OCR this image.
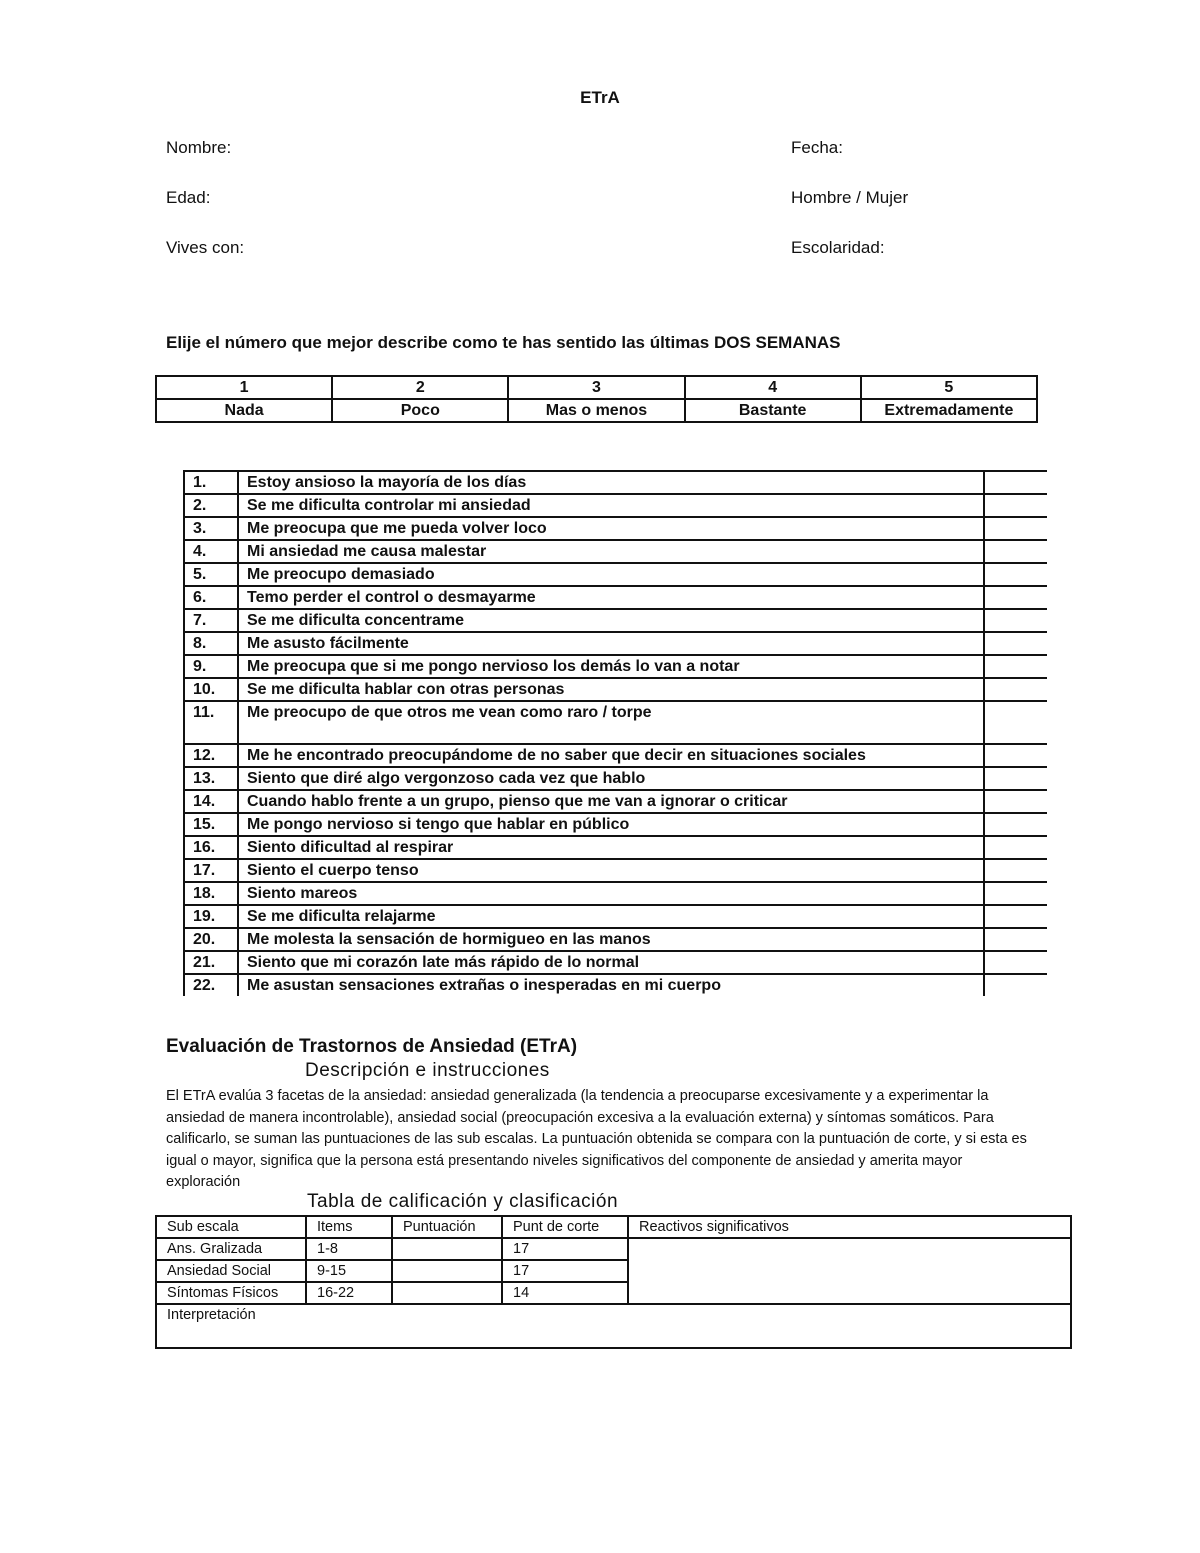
ETrA
Nombre:	Fecha:
Edad:	Hombre / Mujer
Vives con:	Escolaridad:
Elije el número que mejor describe como te has sentido las últimas DOS SEMANAS
1	2	3	4	5
Nada	Poco	Mas o menos	Bastante	Extremadamente
1.	Estoy ansioso la mayoría de los días	
2.	Se me dificulta controlar mi ansiedad	
3.	Me preocupa que me pueda volver loco	
4.	Mi ansiedad me causa malestar	
5.	Me preocupo demasiado	
6.	Temo perder el control o desmayarme	
7.	Se me dificulta concentrame	
8.	Me asusto fácilmente	
9.	Me preocupa que si me pongo nervioso los demás lo van a notar	
10.	Se me dificulta hablar con otras personas	
11.	Me preocupo de que otros me vean como raro / torpe	
12.	Me he encontrado preocupándome de no saber que decir en situaciones sociales	
13.	Siento que diré algo vergonzoso cada vez que hablo	
14.	Cuando hablo frente a un grupo, pienso que me van a ignorar o criticar	
15.	Me pongo nervioso si tengo que hablar en público	
16.	Siento dificultad al respirar	
17.	Siento el cuerpo tenso	
18.	Siento mareos	
19.	Se me dificulta relajarme	
20.	Me molesta la sensación de hormigueo en las manos	
21.	Siento que mi corazón late más rápido de lo normal	
22.	Me asustan sensaciones extrañas o inesperadas en mi cuerpo	
Evaluación de Trastornos de Ansiedad (ETrA)
Descripción e instrucciones
El ETrA evalúa 3 facetas de la ansiedad: ansiedad generalizada (la tendencia a preocuparse excesivamente y a experimentar la ansiedad de manera incontrolable), ansiedad social (preocupación excesiva a la evaluación externa) y síntomas somáticos. Para calificarlo, se suman las puntuaciones de las sub escalas. La puntuación obtenida se compara con la puntuación de corte, y si esta es igual o mayor, significa que la persona está presentando niveles significativos del componente de ansiedad y amerita mayor exploración
Tabla de calificación y clasificación
Sub escala	Items	Puntuación	Punt de corte	Reactivos significativos
Ans. Gralizada	1-8		17	
Ansiedad Social	9-15		17	
Síntomas Físicos	16-22		14	
Interpretación				
